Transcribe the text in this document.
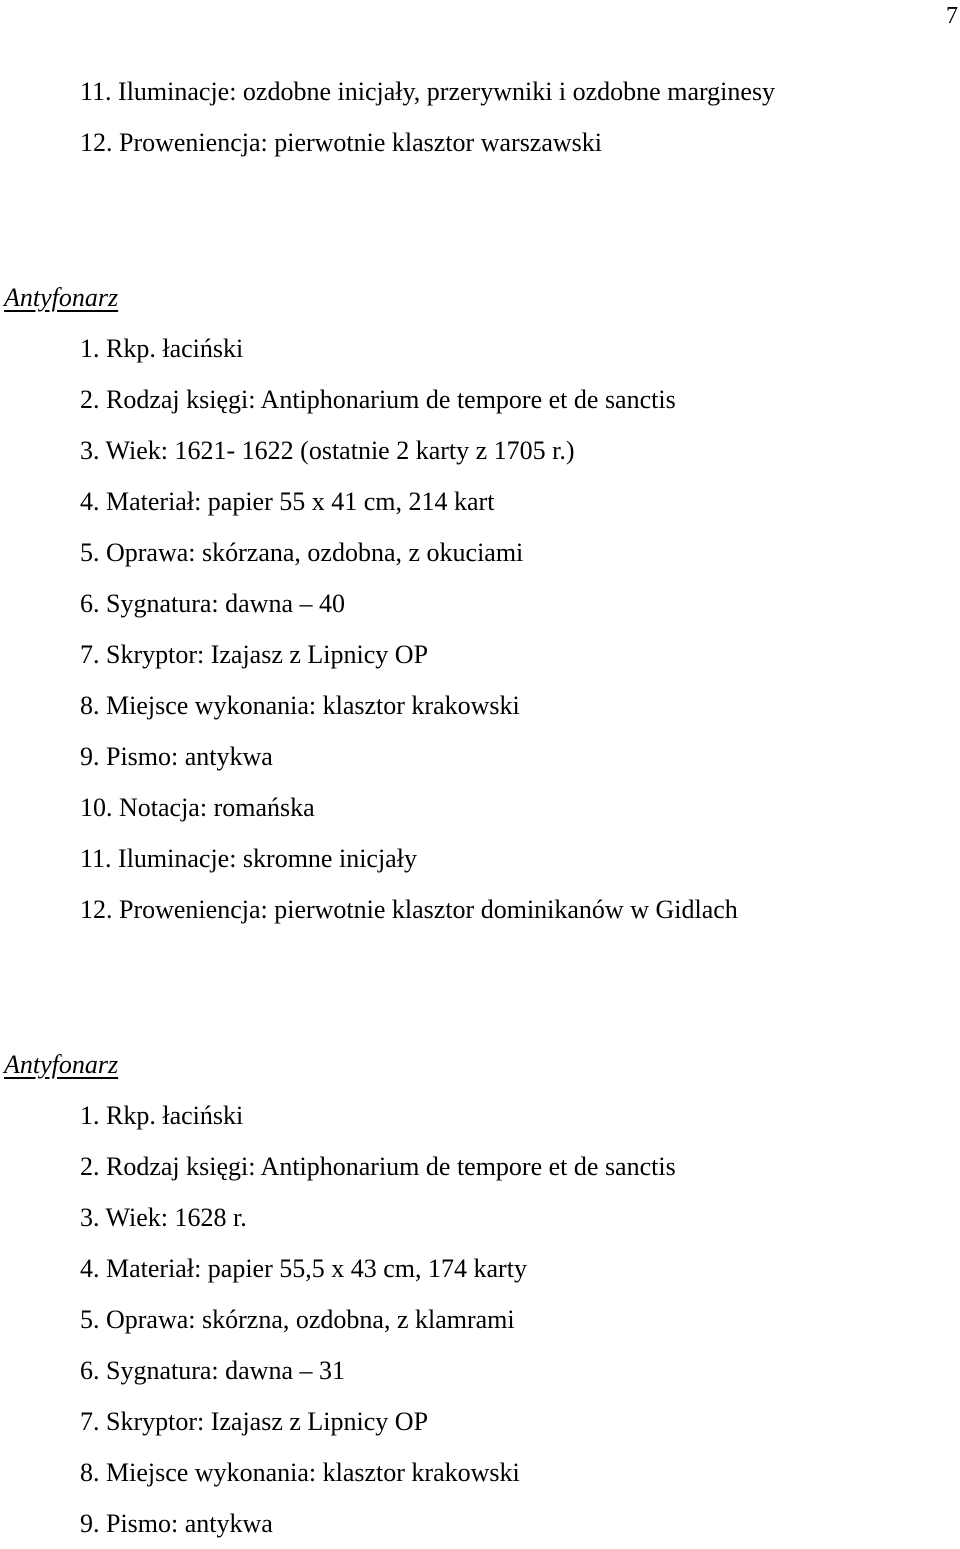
7
11. Iluminacje: ozdobne inicjały, przerywniki i ozdobne marginesy
12. Proweniencja: pierwotnie klasztor warszawski
Antyfonarz
1. Rkp. łaciński
2. Rodzaj księgi: Antiphonarium de tempore et de sanctis
3. Wiek: 1621- 1622 (ostatnie 2 karty z 1705 r.)
4. Materiał: papier 55 x 41 cm, 214 kart
5. Oprawa: skórzana, ozdobna, z okuciami
6. Sygnatura: dawna – 40
7. Skryptor: Izajasz z Lipnicy OP
8. Miejsce wykonania: klasztor krakowski
9. Pismo: antykwa
10. Notacja: romańska
11. Iluminacje: skromne inicjały
12. Proweniencja: pierwotnie klasztor dominikanów w Gidlach
Antyfonarz
1. Rkp. łaciński
2. Rodzaj księgi: Antiphonarium de tempore et de sanctis
3. Wiek: 1628 r.
4. Materiał: papier 55,5 x 43 cm, 174 karty
5. Oprawa: skórzna, ozdobna, z klamrami
6. Sygnatura: dawna – 31
7. Skryptor: Izajasz z Lipnicy OP
8. Miejsce wykonania: klasztor krakowski
9. Pismo: antykwa
